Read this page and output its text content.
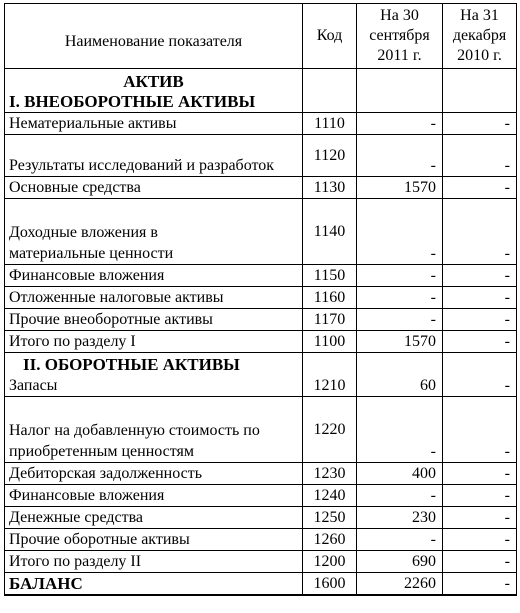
Наименование показателя	Код	На 30 сентября 2011 г.	На 31 декабря 2010 г.

АКТИВ
I. ВНЕОБОРОТНЫЕ АКТИВЫ			
Нематериальные активы	1110	-	-
Результаты исследований и разработок	1120	-	-
Основные средства	1130	1570	-

Доходные вложения в материальные ценности	1140	-	-
Финансовые вложения	1150	-	-
Отложенные налоговые активы	1160	-	-
Прочие внеоборотные активы	1170	-	-
Итого по разделу I	1100	1570	-

II. ОБОРОТНЫЕ АКТИВЫ
Запасы	1210	60	-

Налог на добавленную стоимость по приобретенным ценностям	1220	-	-
Дебиторская задолженность	1230	400	-
Финансовые вложения	1240	-	-
Денежные средства	1250	230	-
Прочие оборотные активы	1260	-	-
Итого по разделу II	1200	690	-
БАЛАНС	1600	2260	-
